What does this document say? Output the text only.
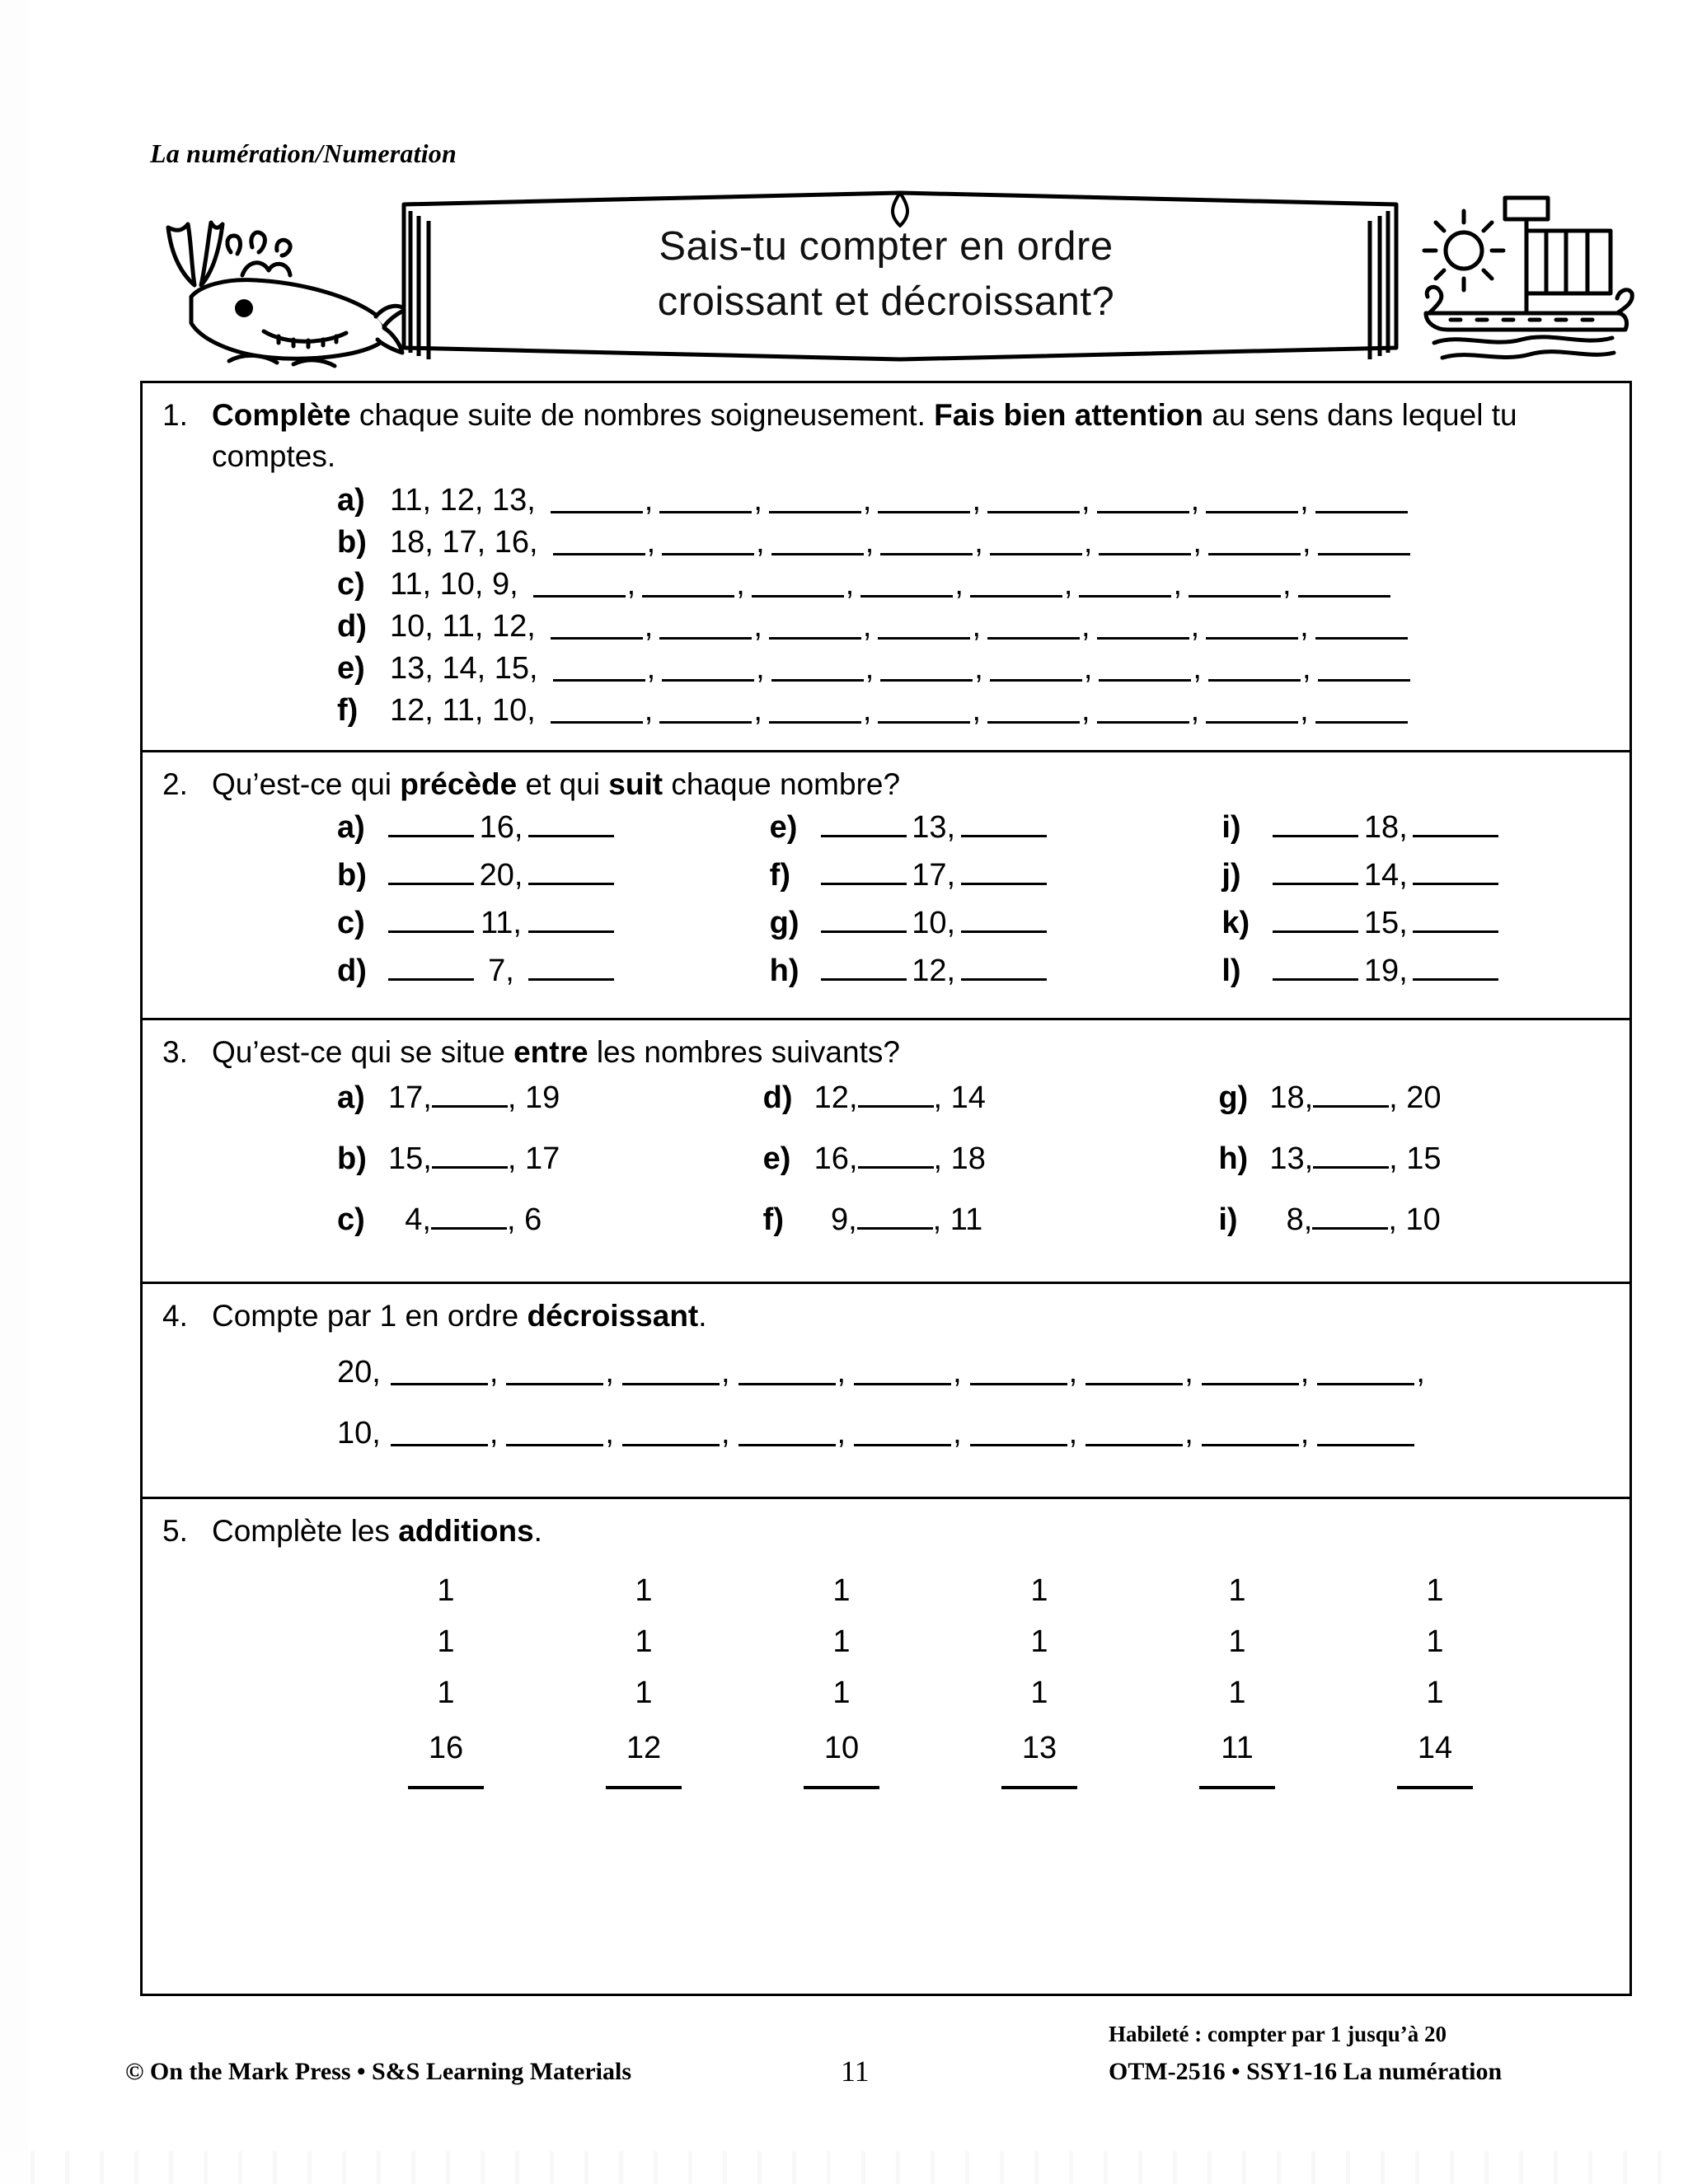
La numération/Numeration
Sais-tu compter en ordre
croissant et décroissant?
1. Complète chaque suite de nombres soigneusement. Fais bien attention au sens dans lequel tu comptes.
a) 11, 12, 13,	,	,	,	,	,	,	,
b) 18, 17, 16,	,	,	,	,	,	,	,
c) 11, 10, 9,	,	,	,	,	,	,	,
d) 10, 11, 12,	,	,	,	,	,	,	,
e) 13, 14, 15,	,	,	,	,	,	,	,
f)	12, 11, 10,	,	,	,	,	,	,	,
2. Qu’est-ce qui précède et qui suit chaque nombre?
a)	16,
b)	20,
c)	11,
d)	7,
e)	13,
f)	17,
g)	10,
h)	12,
i)	18,
j)	14,
k)	15,
l)	19,
3. Qu’est-ce qui se situe entre les nombres suivants?
a) 17, , 19
b) 15, , 17
c)	4, , 6
d) 12, , 14
e) 16, , 18
f)	9, , 11
g) 18, , 20
h) 13, , 15
i)	8, , 10
4. Compte par 1 en ordre décroissant.
20,	,	,	,	,	,	,	,	,	,
10,	,	,	,	,	,	,	,	,
5. Complète les additions.
1
1
1
16
1
1
1
12
1
1
1
10
1
1
1
13
1
1
1
11
1
1
1
14
Habileté : compter par 1 jusqu’à 20
© On the Mark Press • S&S Learning Materials	11	OTM-2516 • SSY1-16 La numération
